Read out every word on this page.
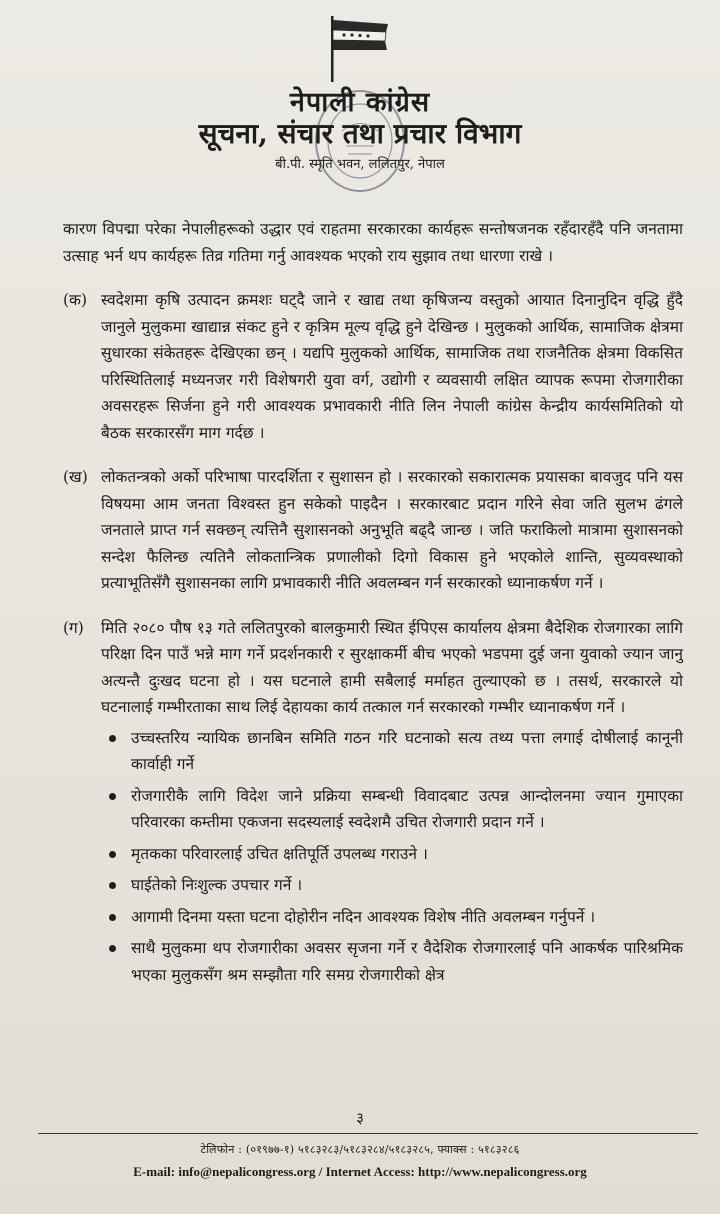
नेपाली कांग्रेस
सूचना, संचार तथा प्रचार विभाग
बी.पी. स्मृति भवन, ललितपुर, नेपाल

कारण विपद्मा परेका नेपालीहरूको उद्धार एवं राहतमा सरकारका कार्यहरू सन्तोषजनक रहँदारहँदै पनि जनतामा उत्साह भर्न थप कार्यहरू तिव्र गतिमा गर्नु आवश्यक भएको राय सुझाव तथा धारणा राखे ।

(क) स्वदेशमा कृषि उत्पादन क्रमशः घट्दै जाने र खाद्य तथा कृषिजन्य वस्तुको आयात दिनानुदिन वृद्धि हुँदै जानुले मुलुकमा खाद्यान्न संकट हुने र कृत्रिम मूल्य वृद्धि हुने देखिन्छ । मुलुकको आर्थिक, सामाजिक क्षेत्रमा सुधारका संकेतहरू देखिएका छन् । यद्यपि मुलुकको आर्थिक, सामाजिक तथा राजनैतिक क्षेत्रमा विकसित परिस्थितिलाई मध्यनजर गरी विशेषगरी युवा वर्ग, उद्योगी र व्यवसायी लक्षित व्यापक रूपमा रोजगारीका अवसरहरू सिर्जना हुने गरी आवश्यक प्रभावकारी नीति लिन नेपाली कांग्रेस केन्द्रीय कार्यसमितिको यो बैठक सरकारसँग माग गर्दछ ।

(ख) लोकतन्त्रको अर्को परिभाषा पारदर्शिता र सुशासन हो । सरकारको सकारात्मक प्रयासका बावजुद पनि यस विषयमा आम जनता विश्वस्त हुन सकेको पाइदैन । सरकारबाट प्रदान गरिने सेवा जति सुलभ ढंगले जनताले प्राप्त गर्न सक्छन् त्यत्तिनै सुशासनको अनुभूति बढ्दै जान्छ । जति फराकिलो मात्रामा सुशासनको सन्देश फैलिन्छ त्यतिनै लोकतान्त्रिक प्रणालीको दिगो विकास हुने भएकोले शान्ति, सुव्यवस्थाको प्रत्याभूतिसँगै सुशासनका लागि प्रभावकारी नीति अवलम्बन गर्न सरकारको ध्यानाकर्षण गर्ने ।

(ग) मिति २०८० पौष १३ गते ललितपुरको बालकुमारी स्थित ईपिएस कार्यालय क्षेत्रमा बैदेशिक रोजगारका लागि परिक्षा दिन पाउँ भन्ने माग गर्ने प्रदर्शनकारी र सुरक्षाकर्मी बीच भएको भडपमा दुई जना युवाको ज्यान जानु अत्यन्तै दुःखद घटना हो । यस घटनाले हामी सबैलाई मर्माहत तुल्याएको छ । तसर्थ, सरकारले यो घटनालाई गम्भीरताका साथ लिई देहायका कार्य तत्काल गर्न सरकारको गम्भीर ध्यानाकर्षण गर्ने ।

उच्चस्तरिय न्यायिक छानबिन समिति गठन गरि घटनाको सत्य तथ्य पत्ता लगाई दोषीलाई कानूनी कार्वाही गर्ने

रोजगारीकै लागि विदेश जाने प्रक्रिया सम्बन्धी विवादबाट उत्पन्न आन्दोलनमा ज्यान गुमाएका परिवारका कम्तीमा एकजना सदस्यलाई स्वदेशमै उचित रोजगारी प्रदान गर्ने ।

मृतकका परिवारलाई उचित क्षतिपूर्ति उपलब्ध गराउने ।

घाईतेको निःशुल्क उपचार गर्ने ।

आगामी दिनमा यस्ता घटना दोहोरीन नदिन आवश्यक विशेष नीति अवलम्बन गर्नुपर्ने ।

साथै मुलुकमा थप रोजगारीका अवसर सृजना गर्ने र वैदेशिक रोजगारलाई पनि आकर्षक पारिश्रमिक भएका मुलुकसँग श्रम सम्झौता गरि समग्र रोजगारीको क्षेत्र

३
टेलिफोन : (०१९७७-१) ५१८३२८३/५१८३२८४/५१८३२८५, फ्याक्स : ५१८३२८६
E-mail: info@nepalicongress.org / Internet Access: http://www.nepalicongress.org
